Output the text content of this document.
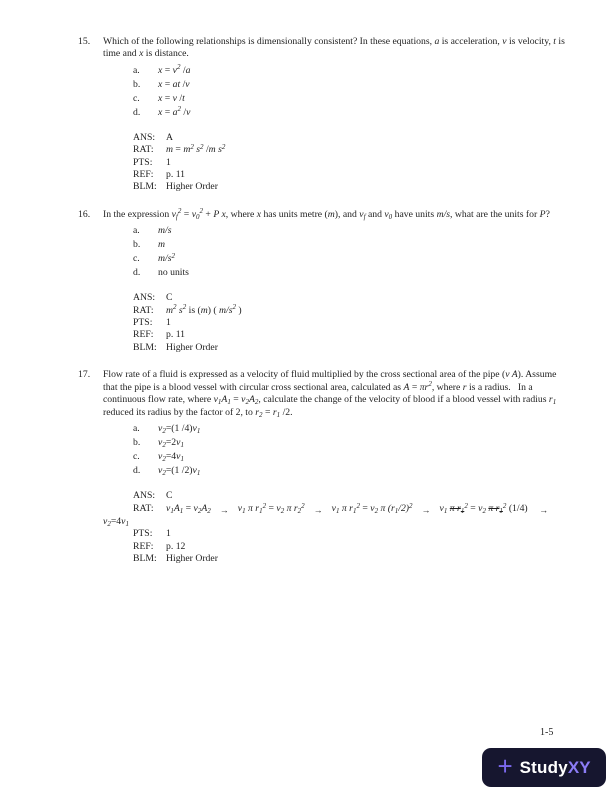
15.	Which of the following relationships is dimensionally consistent? In these equations, a is acceleration, v is velocity, t is time and x is distance.
a.	$x = v^2$ /a
b.	x = at /v
c.	x = v /t
d.	$x = a^2$ /v
ANS:	A
RAT:	$m = m^2$ $s^2$ /m $s^2$
PTS:	1
REF:	p. 11
BLM: Higher Order
16.	In the expression $v_f^2 = v_0^2 + P$ x, where x has units metre (m), and $v_f$ and $v_0$ have units m/s, what are the units for P?
a.	m/s
b.	m
c.	$m/s^2$
d.	no units
ANS:	C
RAT:	$m^2$ $s^2$ is (m) ( $m/s^2$ )
PTS:	1
REF:	p. 11
BLM: Higher Order
17.	Flow rate of a fluid is expressed as a velocity of fluid multiplied by the cross sectional area of the pipe (v A). Assume that the pipe is a blood vessel with circular cross sectional area, calculated as $A = \pi r^2$, where r is a radius.   In a continuous flow rate, where $v_1A_1 = v_2A_2$, calculate the change of the velocity of blood if a blood vessel with radius $r_1$ reduced its radius by the factor of 2, to $r_2 = r_1$ /2.
a.	$v_2=(1$ $/4)v_1$
b.	$v_2=2v_1$
c.	$v_2=4v_1$
d.	$v_2=(1$ $/2)v_1$
ANS:	C
RAT: $v_1A_1 = v_2A_2 \to v_1$ π $r_1^2 = v_2$ π $r_2^2 \to v_1$ π $r_1^2 = v_2$ π $(r_1/2)^2 \to v_1$ π $r_1^2 = v_2$ π $r_1^2$ (1/4) →
$v_2=4v_1$
PTS:	1
REF:	p. 12
BLM: Higher Order
1-5
+ Study XY
